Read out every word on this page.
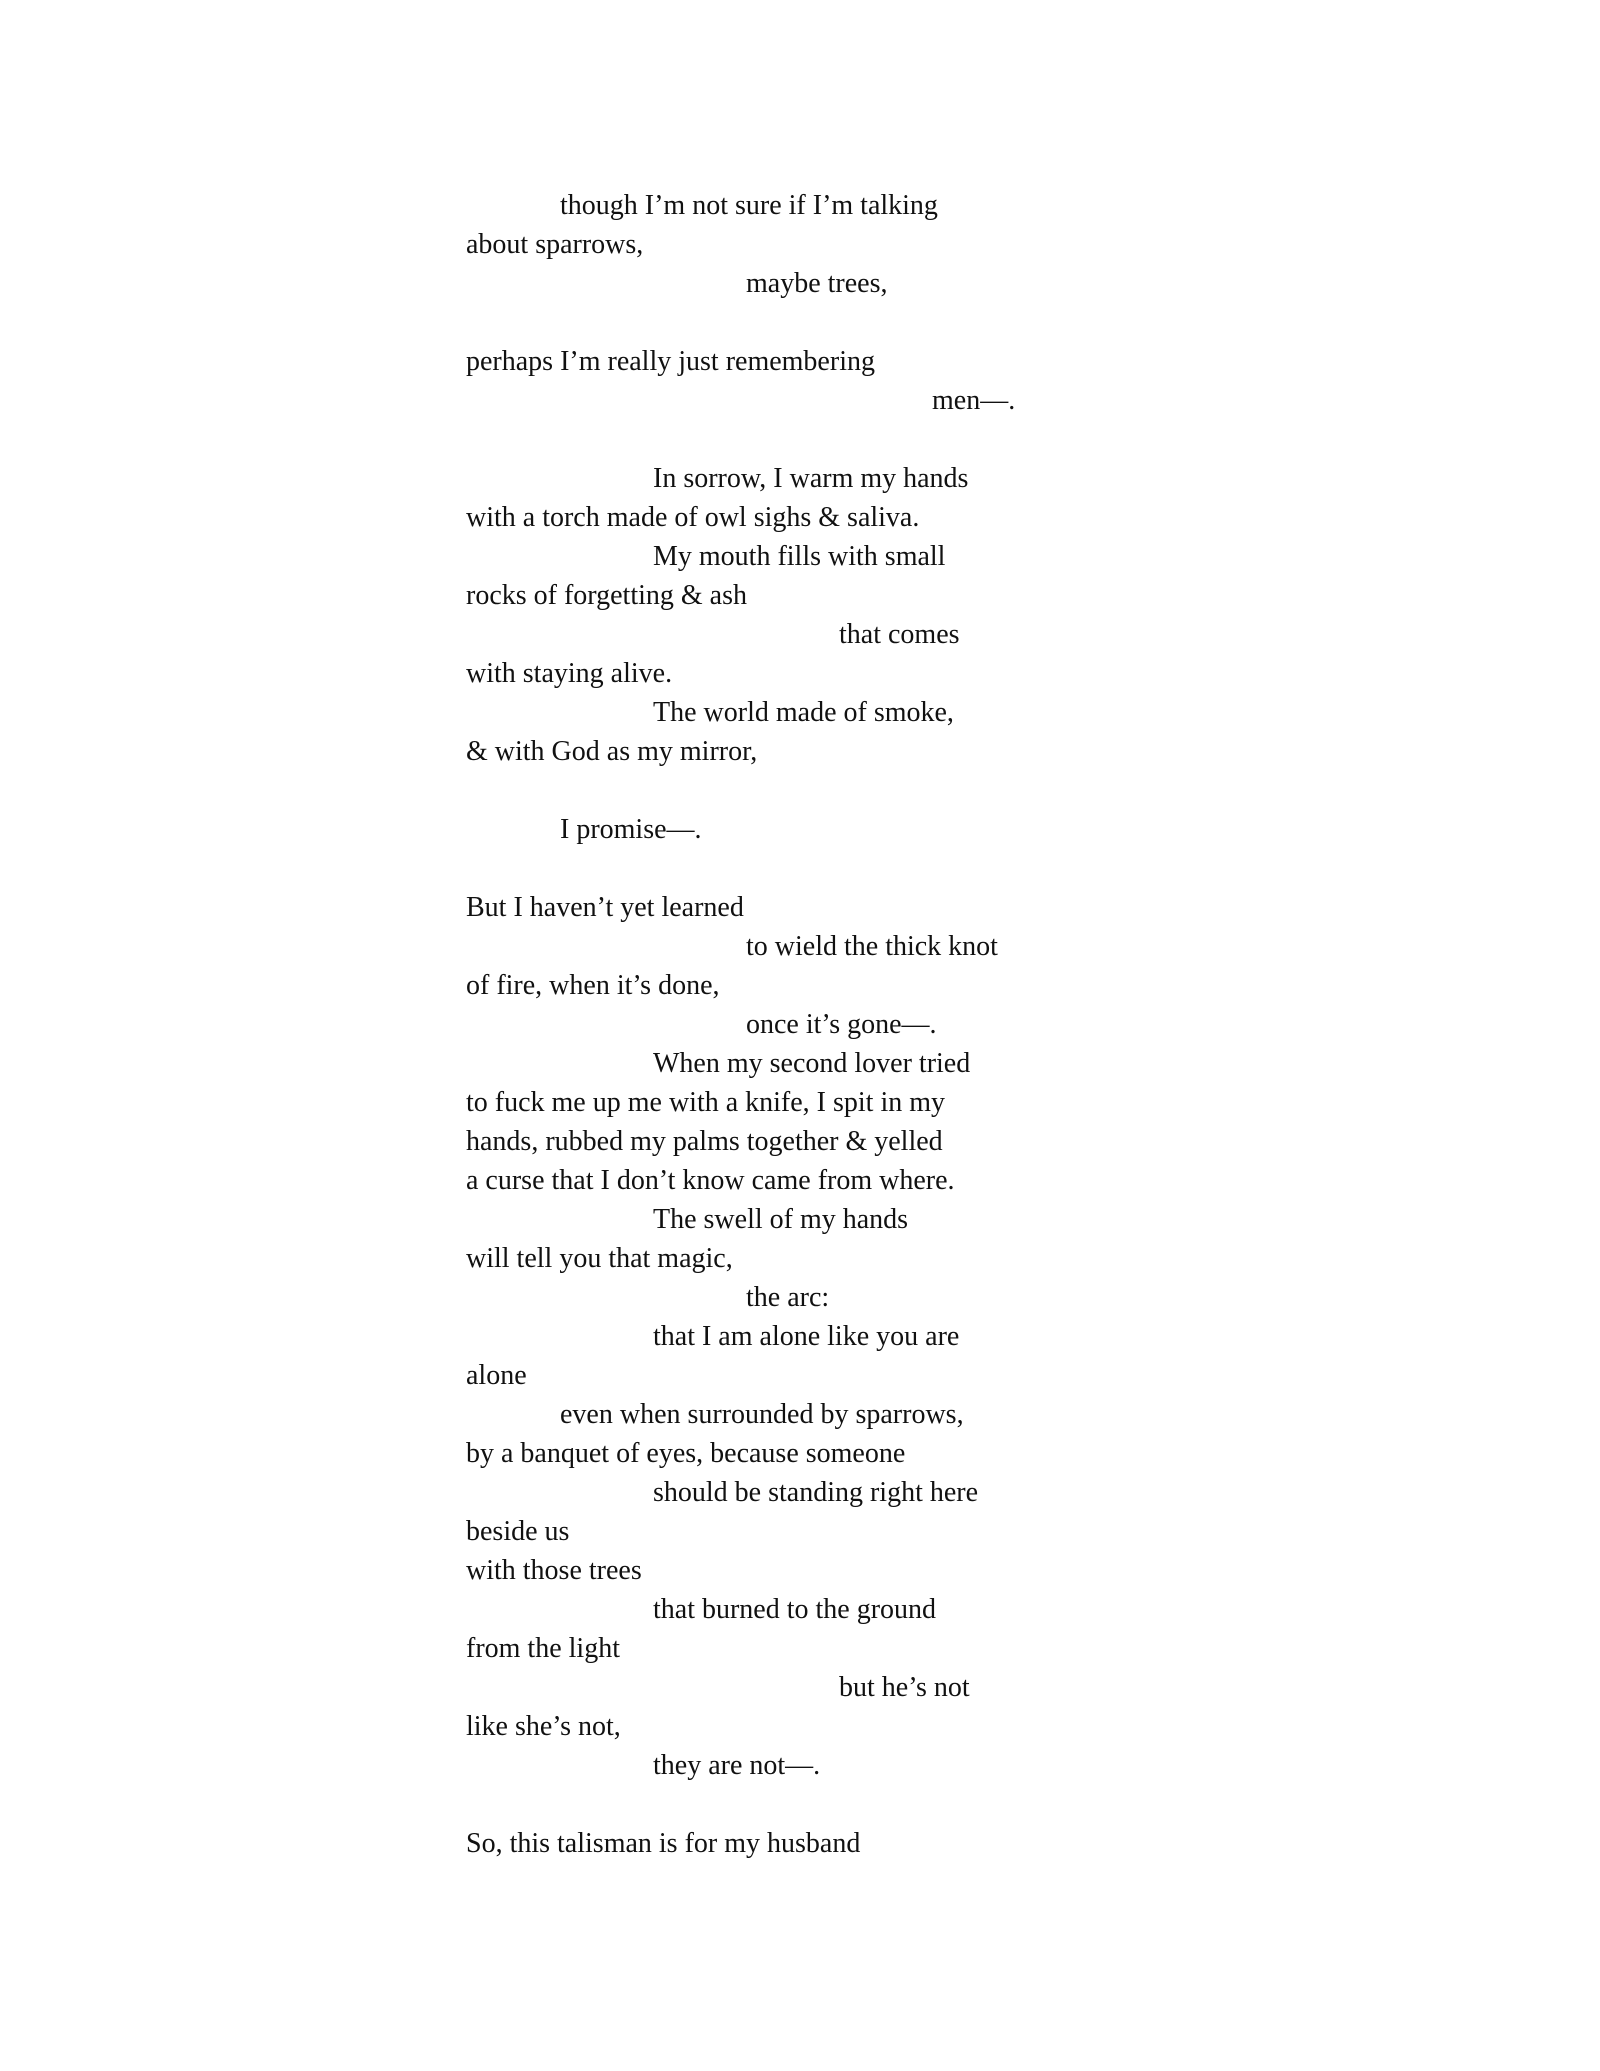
though I’m not sure if I’m talking
about sparrows,
maybe trees,
perhaps I’m really just remembering
men—.
In sorrow, I warm my hands
with a torch made of owl sighs & saliva.
My mouth fills with small
rocks of forgetting & ash
that comes
with staying alive.
The world made of smoke,
& with God as my mirror,
I promise—.
But I haven’t yet learned
to wield the thick knot
of fire, when it’s done,
once it’s gone—.
When my second lover tried
to fuck me up me with a knife, I spit in my
hands, rubbed my palms together & yelled
a curse that I don’t know came from where.
The swell of my hands
will tell you that magic,
the arc:
that I am alone like you are
alone
even when surrounded by sparrows,
by a banquet of eyes, because someone
should be standing right here
beside us
with those trees
that burned to the ground
from the light
but he’s not
like she’s not,
they are not—.
So, this talisman is for my husband
